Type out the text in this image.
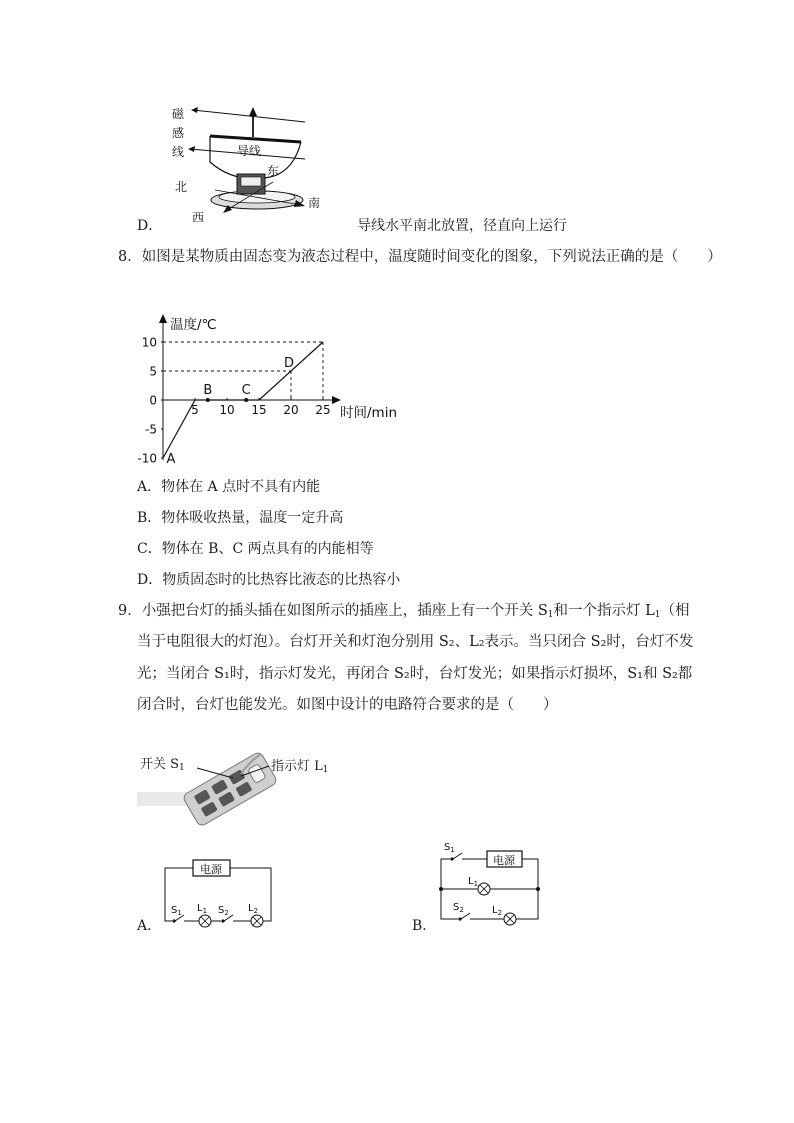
磁
感
线	导线
东
北
南
西
D．	导线水平南北放置，径直向上运行
8．如图是某物质由固态变为液态过程中，温度随时间变化的图象，下列说法正确的是（　　）
A
B C
D
10
5
0
-5
-10
5 10 15 20 25
温度/℃
时间/min
A．物体在 A 点时不具有内能
B．物体吸收热量，温度一定升高
C．物体在 B、C 两点具有的内能相等
D．物质固态时的比热容比液态的比热容小
9．小强把台灯的插头插在如图所示的插座上，插座上有一个开关 $S_1$和一个指示灯 $L_1$（相
当于电阻很大的灯泡）。台灯开关和灯泡分别用 S₂、L₂表示。当只闭合 S₂时，台灯不发
光；当闭合 S₁时，指示灯发光，再闭合 S₂时，台灯发光；如果指示灯损坏，S₁和 S₂都
闭合时，台灯也能发光。如图中设计的电路符合要求的是（　　）
开关 $S_1$	指示灯 $L_1$
A．
电源
$S_1$ $L_1$ $S_2$ $L_2$
B．
电源
$S_1$
$L_1$
$S_2$	$L_2$
